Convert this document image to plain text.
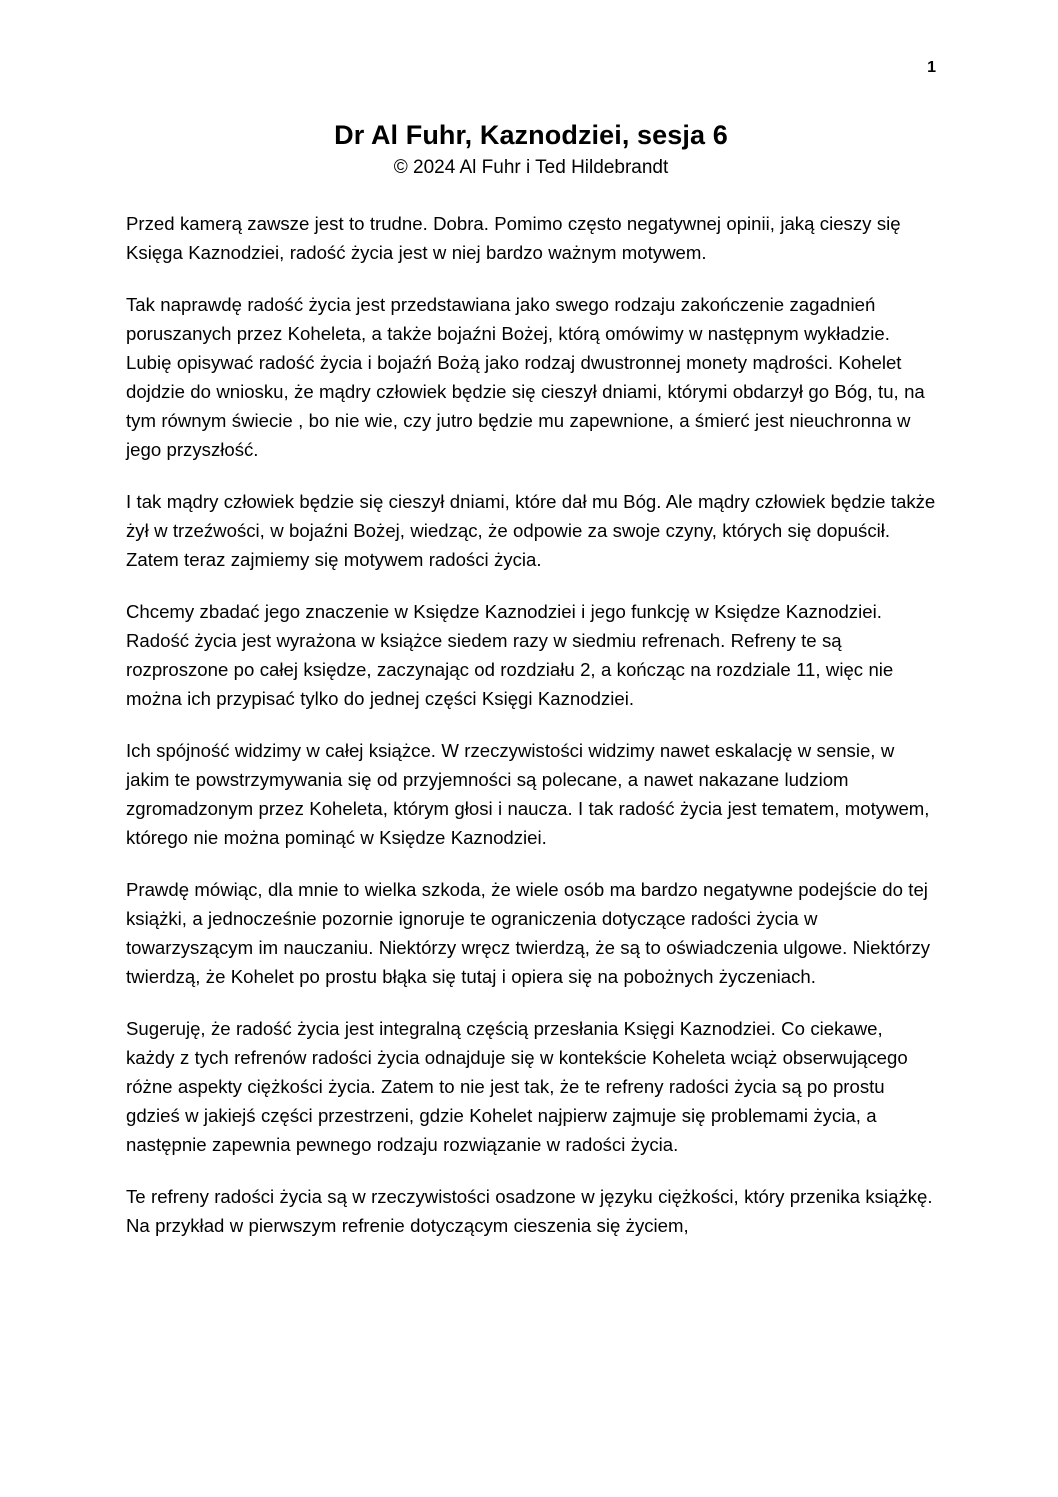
1
Dr Al Fuhr, Kaznodziei, sesja 6
© 2024 Al Fuhr i Ted Hildebrandt

Przed kamerą zawsze jest to trudne. Dobra. Pomimo często negatywnej opinii, jaką cieszy się Księga Kaznodziei, radość życia jest w niej bardzo ważnym motywem.

Tak naprawdę radość życia jest przedstawiana jako swego rodzaju zakończenie zagadnień poruszanych przez Koheleta, a także bojaźni Bożej, którą omówimy w następnym wykładzie. Lubię opisywać radość życia i bojaźń Bożą jako rodzaj dwustronnej monety mądrości. Kohelet dojdzie do wniosku, że mądry człowiek będzie się cieszył dniami, którymi obdarzył go Bóg, tu, na tym równym świecie , bo nie wie, czy jutro będzie mu zapewnione, a śmierć jest nieuchronna w jego przyszłość.

I tak mądry człowiek będzie się cieszył dniami, które dał mu Bóg. Ale mądry człowiek będzie także żył w trzeźwości, w bojaźni Bożej, wiedząc, że odpowie za swoje czyny, których się dopuścił. Zatem teraz zajmiemy się motywem radości życia.

Chcemy zbadać jego znaczenie w Księdze Kaznodziei i jego funkcję w Księdze Kaznodziei. Radość życia jest wyrażona w książce siedem razy w siedmiu refrenach. Refreny te są rozproszone po całej księdze, zaczynając od rozdziału 2, a kończąc na rozdziale 11, więc nie można ich przypisać tylko do jednej części Księgi Kaznodziei.

Ich spójność widzimy w całej książce. W rzeczywistości widzimy nawet eskalację w sensie, w jakim te powstrzymywania się od przyjemności są polecane, a nawet nakazane ludziom zgromadzonym przez Koheleta, którym głosi i naucza. I tak radość życia jest tematem, motywem, którego nie można pominąć w Księdze Kaznodziei.

Prawdę mówiąc, dla mnie to wielka szkoda, że wiele osób ma bardzo negatywne podejście do tej książki, a jednocześnie pozornie ignoruje te ograniczenia dotyczące radości życia w towarzyszącym im nauczaniu. Niektórzy wręcz twierdzą, że są to oświadczenia ulgowe. Niektórzy twierdzą, że Kohelet po prostu błąka się tutaj i opiera się na pobożnych życzeniach.

Sugeruję, że radość życia jest integralną częścią przesłania Księgi Kaznodziei. Co ciekawe, każdy z tych refrenów radości życia odnajduje się w kontekście Koheleta wciąż obserwującego różne aspekty ciężkości życia. Zatem to nie jest tak, że te refreny radości życia są po prostu gdzieś w jakiejś części przestrzeni, gdzie Kohelet najpierw zajmuje się problemami życia, a następnie zapewnia pewnego rodzaju rozwiązanie w radości życia.

Te refreny radości życia są w rzeczywistości osadzone w języku ciężkości, który przenika książkę. Na przykład w pierwszym refrenie dotyczącym cieszenia się życiem,
